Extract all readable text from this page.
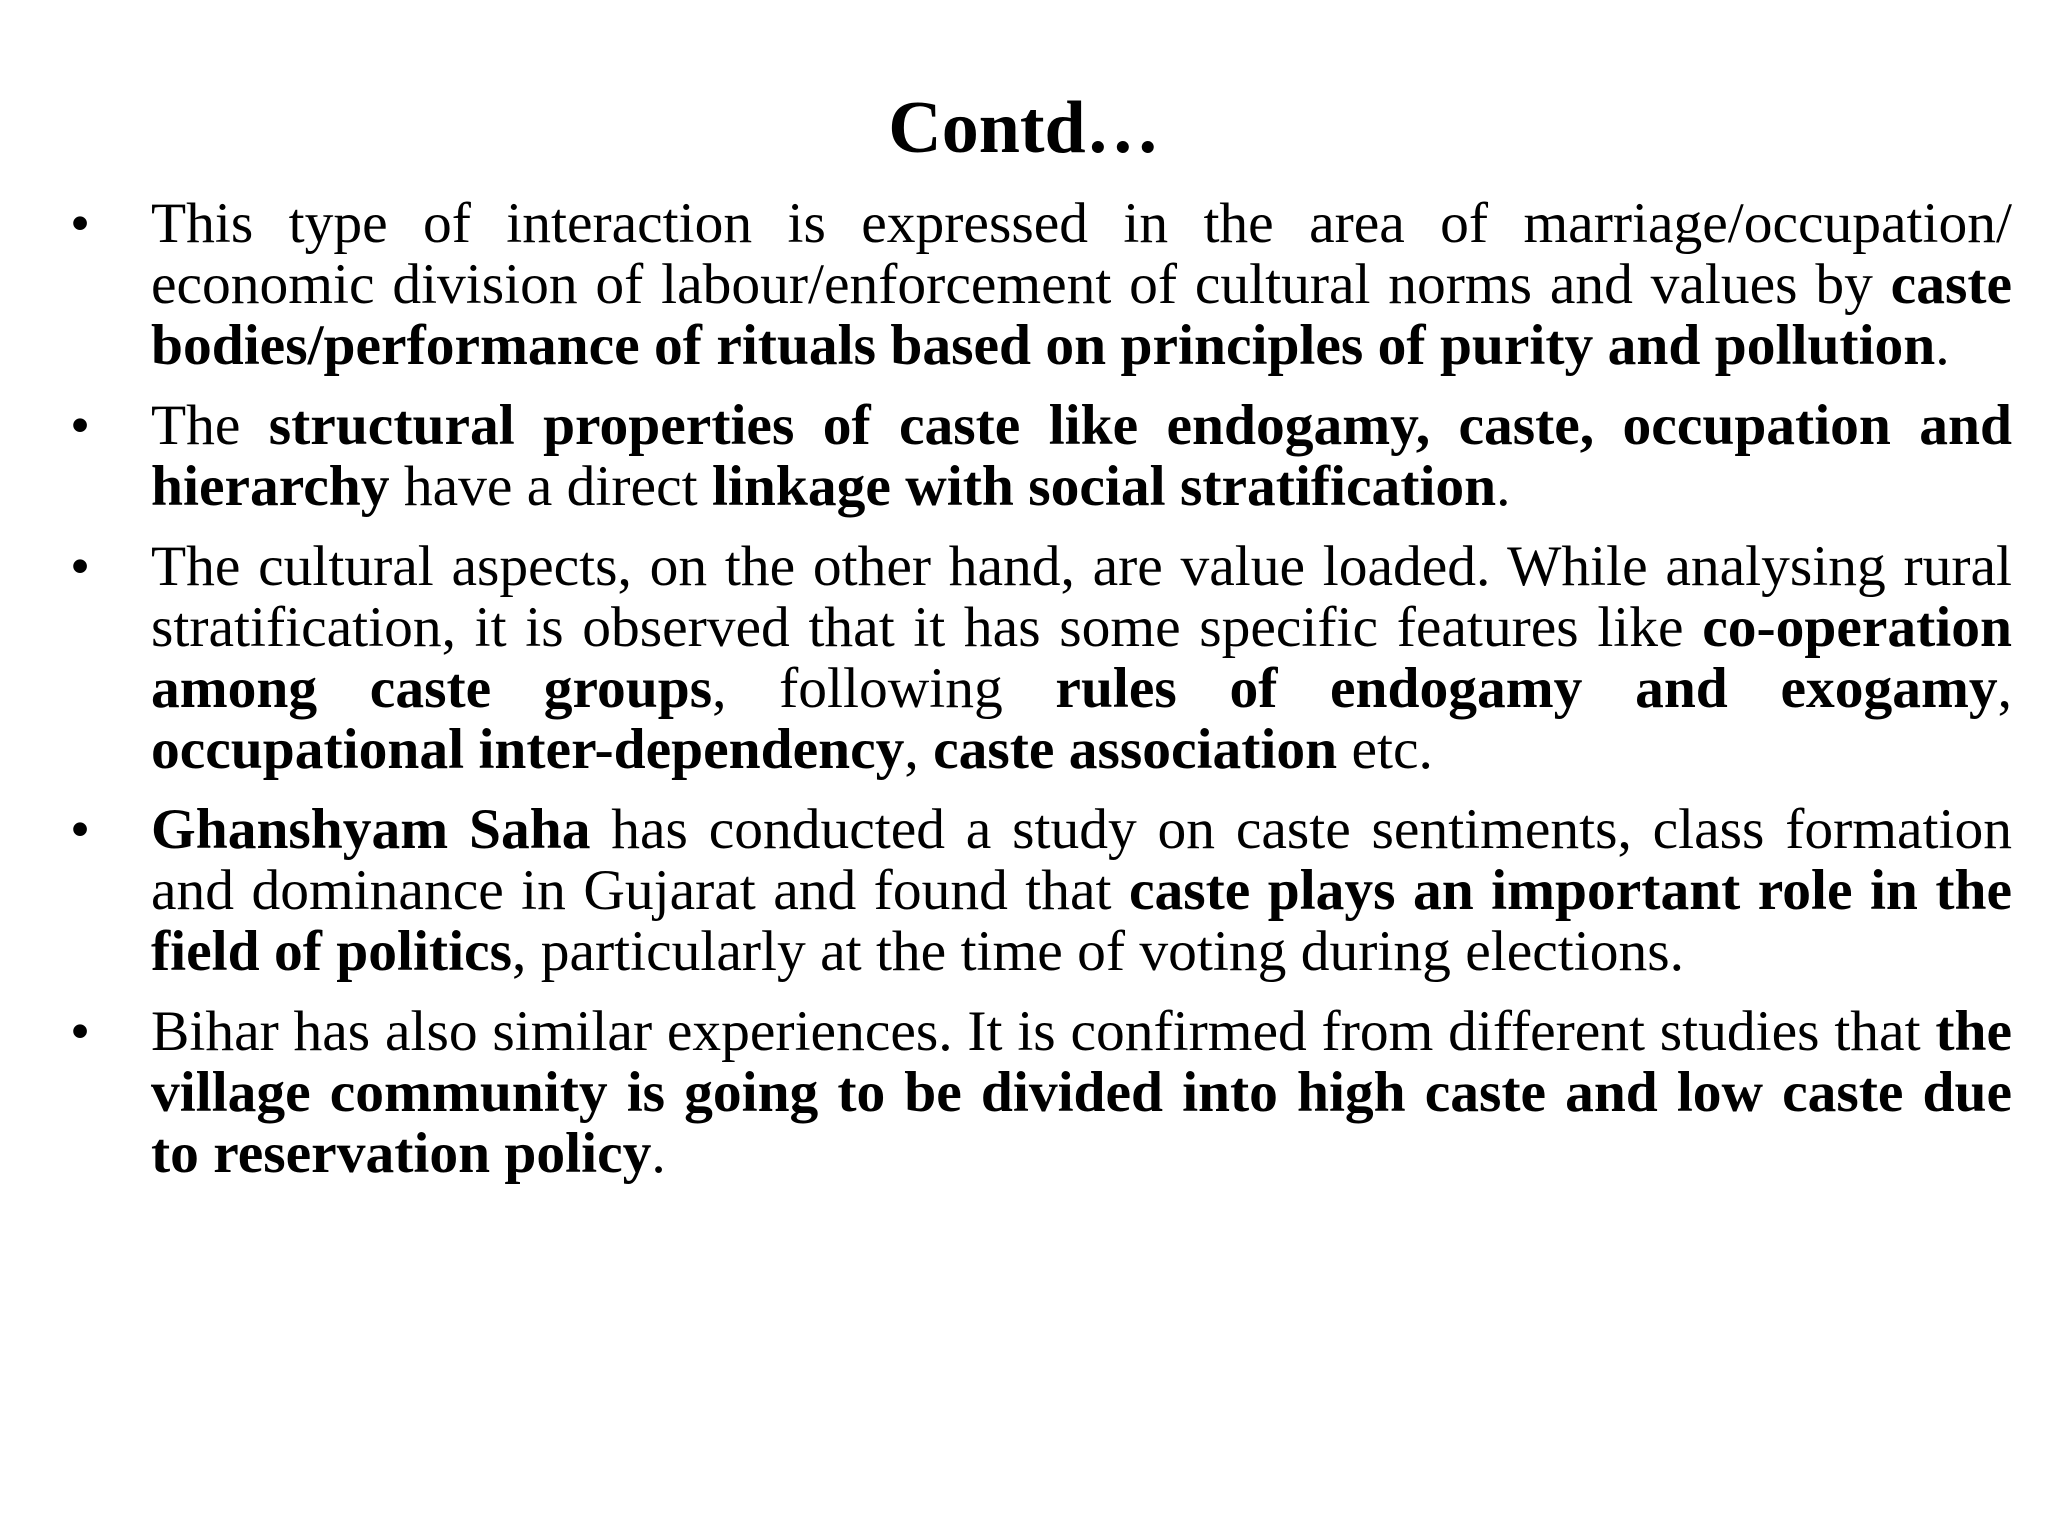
Contd…
•	This type of interaction is expressed in the area of marriage/occupation/ economic division of labour/enforcement of cultural norms and values by caste bodies/performance of rituals based on principles of purity and pollution.
•	The structural properties of caste like endogamy, caste, occupation and hierarchy have a direct linkage with social stratification.
•	The cultural aspects, on the other hand, are value loaded. While analysing rural stratification, it is observed that it has some specific features like co-operation among caste groups, following rules of endogamy and exogamy, occupational inter-dependency, caste association etc.
•	Ghanshyam Saha has conducted a study on caste sentiments, class formation and dominance in Gujarat and found that caste plays an important role in the field of politics, particularly at the time of voting during elections.
•	Bihar has also similar experiences. It is confirmed from different studies that the village community is going to be divided into high caste and low caste due to reservation policy.
